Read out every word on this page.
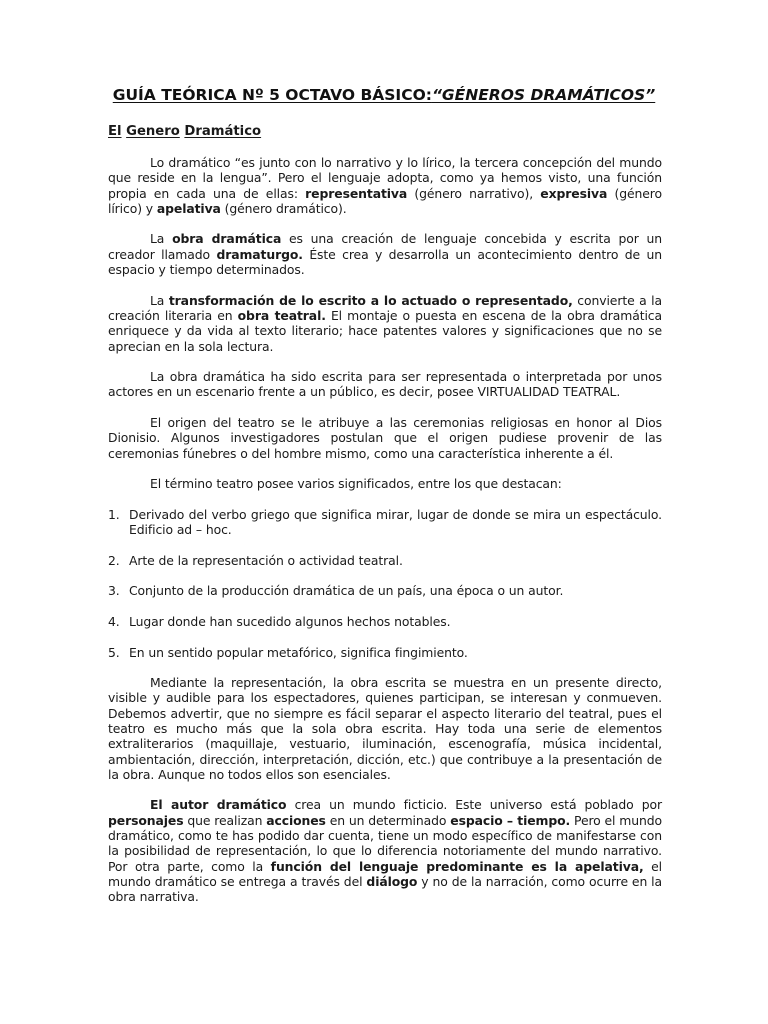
GUÍA TEÓRICA Nº 5 OCTAVO BÁSICO:“GÉNEROS DRAMÁTICOS”
El Genero Dramático

Lo dramático “es junto con lo narrativo y lo lírico, la tercera concepción del mundo que reside en la lengua”. Pero el lenguaje adopta, como ya hemos visto, una función propia en cada una de ellas: representativa (género narrativo), expresiva (género lírico) y apelativa (género dramático).

La obra dramática es una creación de lenguaje concebida y escrita por un creador llamado dramaturgo. Éste crea y desarrolla un acontecimiento dentro de un espacio y tiempo determinados.

La transformación de lo escrito a lo actuado o representado, convierte a la creación literaria en obra teatral. El montaje o puesta en escena de la obra dramática enriquece y da vida al texto literario; hace patentes valores y significaciones que no se aprecian en la sola lectura.

La obra dramática ha sido escrita para ser representada o interpretada por unos actores en un escenario frente a un público, es decir, posee VIRTUALIDAD TEATRAL.

El origen del teatro se le atribuye a las ceremonias religiosas en honor al Dios Dionisio. Algunos investigadores postulan que el origen pudiese provenir de las ceremonias fúnebres o del hombre mismo, como una característica inherente a él.

El término teatro posee varios significados, entre los que destacan:

1. Derivado del verbo griego que significa mirar, lugar de donde se mira un espectáculo. Edificio ad – hoc.
2. Arte de la representación o actividad teatral.
3. Conjunto de la producción dramática de un país, una época o un autor.
4. Lugar donde han sucedido algunos hechos notables.
5. En un sentido popular metafórico, significa fingimiento.

Mediante la representación, la obra escrita se muestra en un presente directo, visible y audible para los espectadores, quienes participan, se interesan y conmueven. Debemos advertir, que no siempre es fácil separar el aspecto literario del teatral, pues el teatro es mucho más que la sola obra escrita. Hay toda una serie de elementos extraliterarios (maquillaje, vestuario, iluminación, escenografía, música incidental, ambientación, dirección, interpretación, dicción, etc.) que contribuye a la presentación de la obra. Aunque no todos ellos son esenciales.

El autor dramático crea un mundo ficticio. Este universo está poblado por personajes que realizan acciones en un determinado espacio – tiempo. Pero el mundo dramático, como te has podido dar cuenta, tiene un modo específico de manifestarse con la posibilidad de representación, lo que lo diferencia notoriamente del mundo narrativo. Por otra parte, como la función del lenguaje predominante es la apelativa, el mundo dramático se entrega a través del diálogo y no de la narración, como ocurre en la obra narrativa.
